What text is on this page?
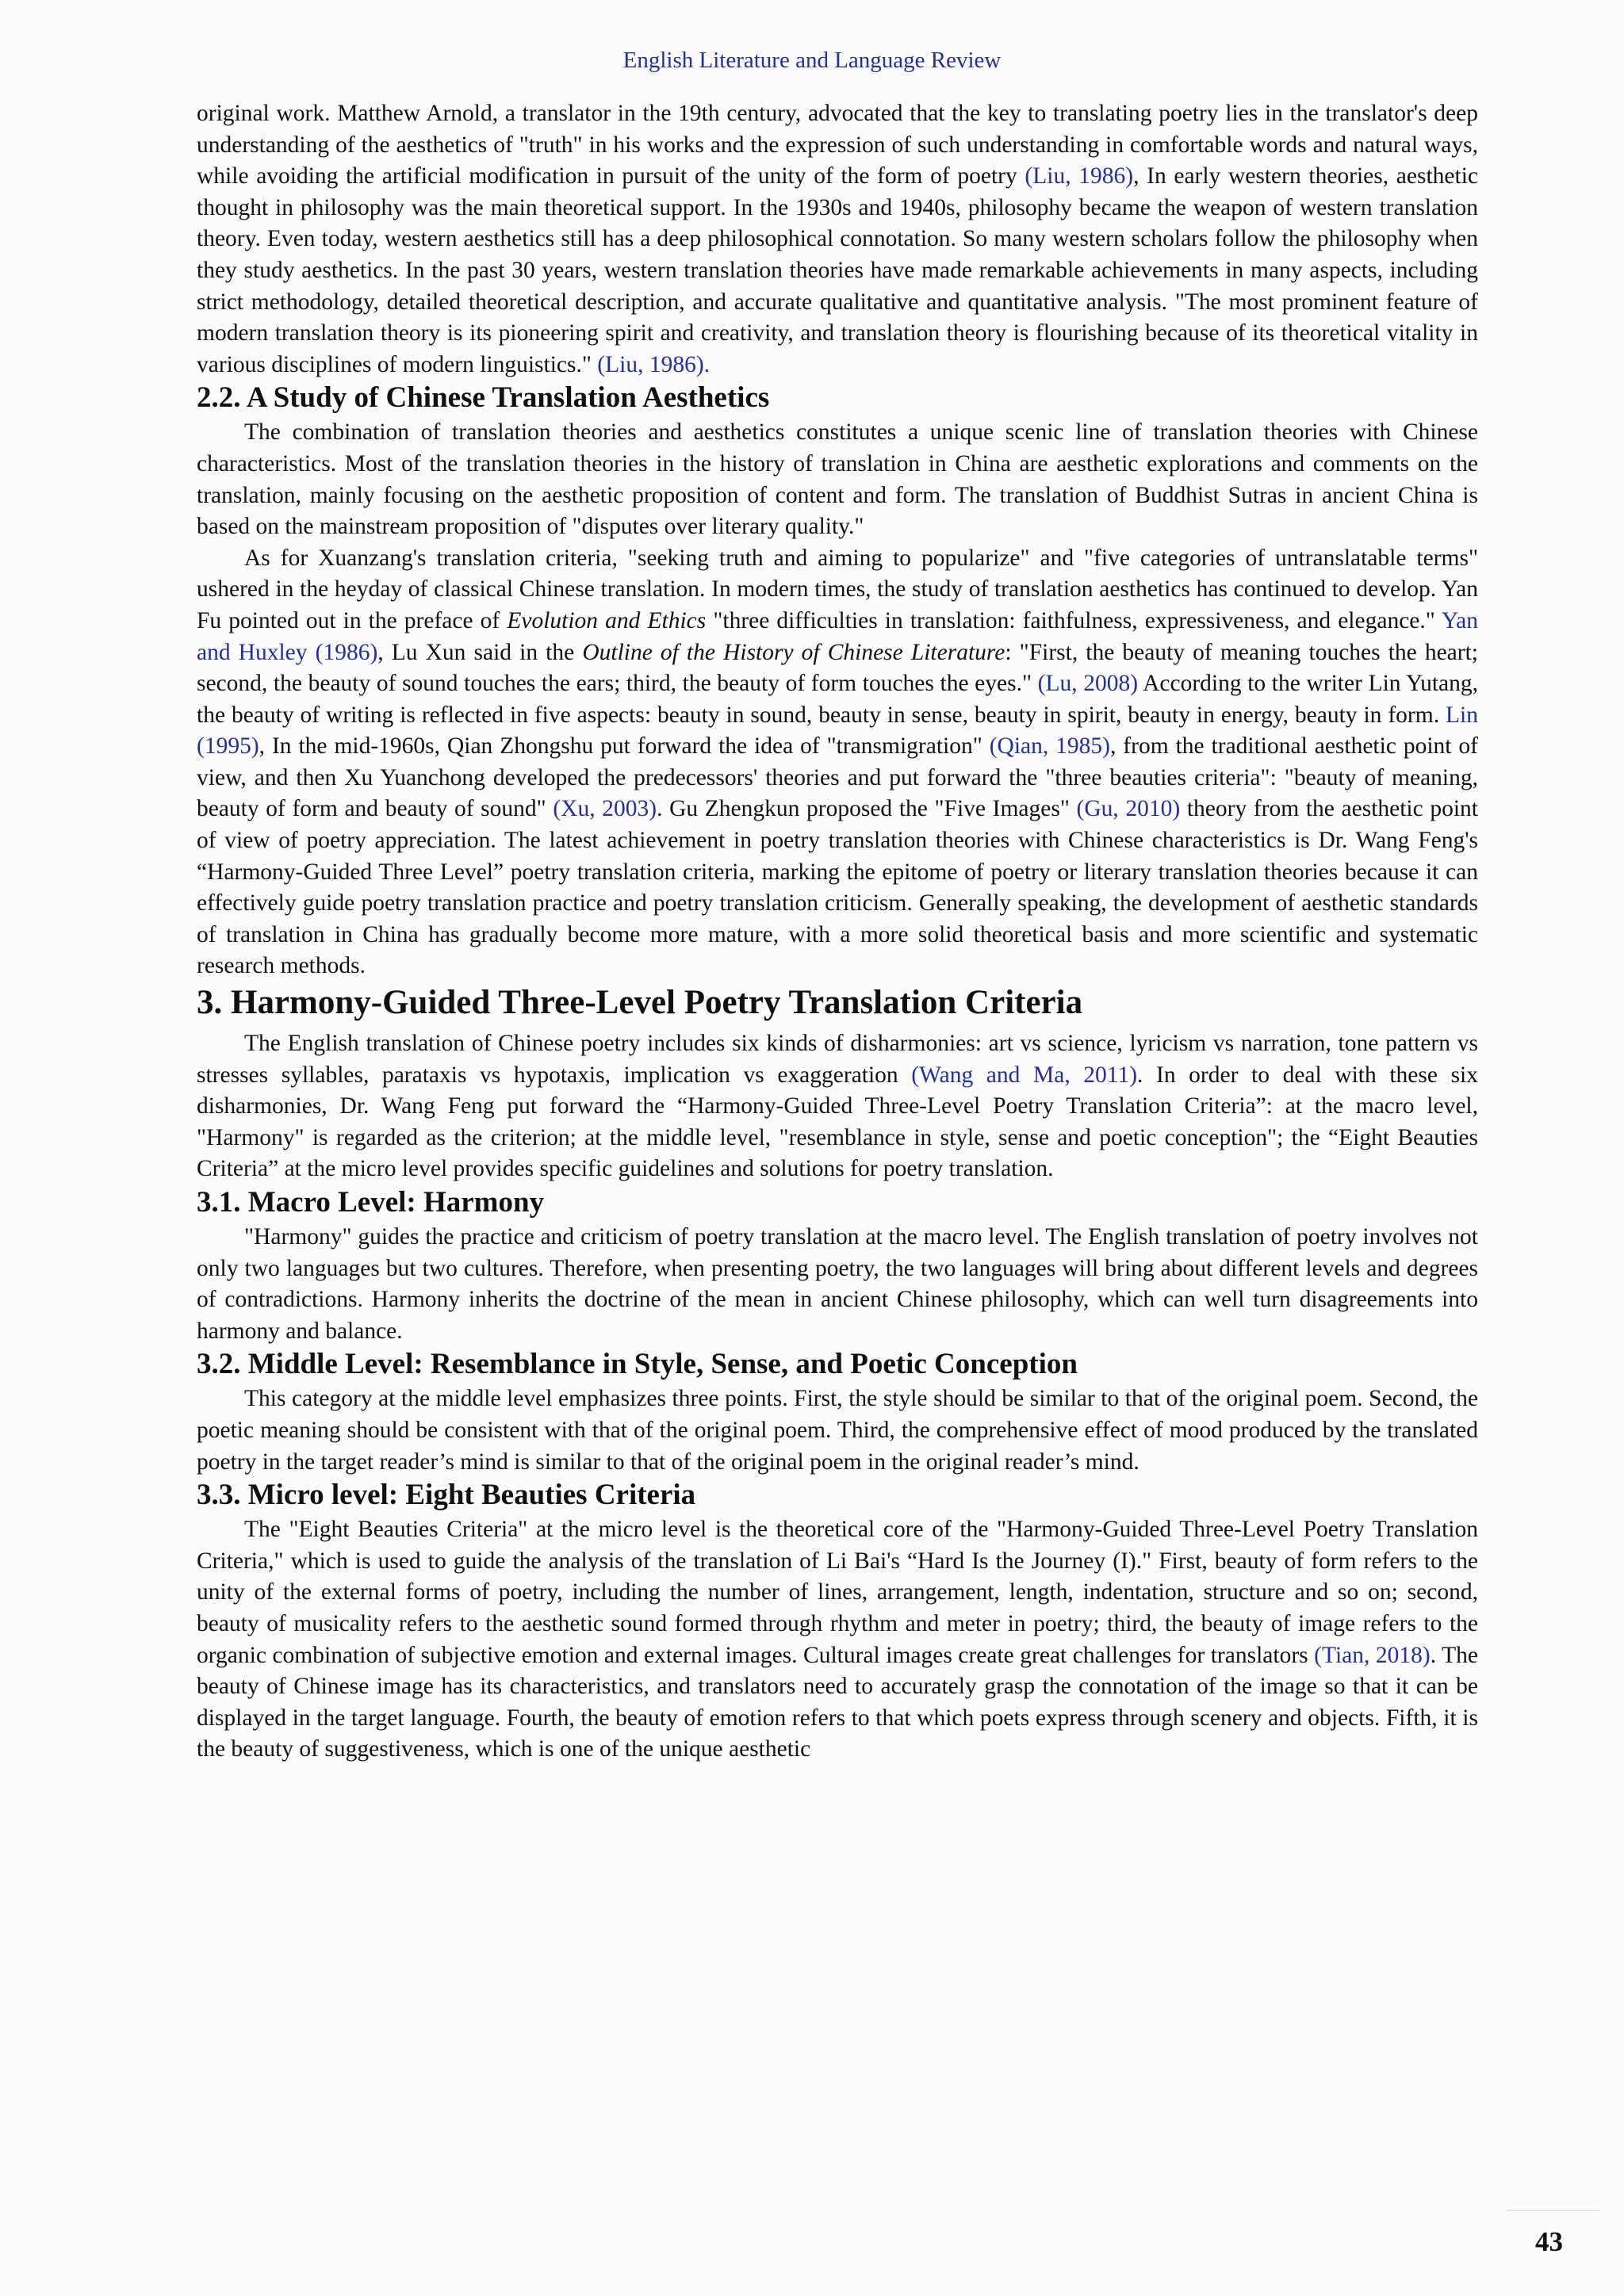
English Literature and Language Review

original work. Matthew Arnold, a translator in the 19th century, advocated that the key to translating poetry lies in the translator's deep understanding of the aesthetics of "truth" in his works and the expression of such understanding in comfortable words and natural ways, while avoiding the artificial modification in pursuit of the unity of the form of poetry (Liu, 1986), In early western theories, aesthetic thought in philosophy was the main theoretical support. In the 1930s and 1940s, philosophy became the weapon of western translation theory. Even today, western aesthetics still has a deep philosophical connotation. So many western scholars follow the philosophy when they study aesthetics. In the past 30 years, western translation theories have made remarkable achievements in many aspects, including strict methodology, detailed theoretical description, and accurate qualitative and quantitative analysis. "The most prominent feature of modern translation theory is its pioneering spirit and creativity, and translation theory is flourishing because of its theoretical vitality in various disciplines of modern linguistics." (Liu, 1986).

2.2. A Study of Chinese Translation Aesthetics

The combination of translation theories and aesthetics constitutes a unique scenic line of translation theories with Chinese characteristics. Most of the translation theories in the history of translation in China are aesthetic explorations and comments on the translation, mainly focusing on the aesthetic proposition of content and form. The translation of Buddhist Sutras in ancient China is based on the mainstream proposition of "disputes over literary quality."

As for Xuanzang's translation criteria, "seeking truth and aiming to popularize" and "five categories of untranslatable terms" ushered in the heyday of classical Chinese translation. In modern times, the study of translation aesthetics has continued to develop. Yan Fu pointed out in the preface of Evolution and Ethics "three difficulties in translation: faithfulness, expressiveness, and elegance." Yan and Huxley (1986), Lu Xun said in the Outline of the History of Chinese Literature: "First, the beauty of meaning touches the heart; second, the beauty of sound touches the ears; third, the beauty of form touches the eyes." (Lu, 2008) According to the writer Lin Yutang, the beauty of writing is reflected in five aspects: beauty in sound, beauty in sense, beauty in spirit, beauty in energy, beauty in form. Lin (1995), In the mid-1960s, Qian Zhongshu put forward the idea of "transmigration" (Qian, 1985), from the traditional aesthetic point of view, and then Xu Yuanchong developed the predecessors' theories and put forward the "three beauties criteria": "beauty of meaning, beauty of form and beauty of sound" (Xu, 2003). Gu Zhengkun proposed the "Five Images" (Gu, 2010) theory from the aesthetic point of view of poetry appreciation. The latest achievement in poetry translation theories with Chinese characteristics is Dr. Wang Feng's “Harmony-Guided Three Level” poetry translation criteria, marking the epitome of poetry or literary translation theories because it can effectively guide poetry translation practice and poetry translation criticism. Generally speaking, the development of aesthetic standards of translation in China has gradually become more mature, with a more solid theoretical basis and more scientific and systematic research methods.

3. Harmony-Guided Three-Level Poetry Translation Criteria

The English translation of Chinese poetry includes six kinds of disharmonies: art vs science, lyricism vs narration, tone pattern vs stresses syllables, parataxis vs hypotaxis, implication vs exaggeration (Wang and Ma, 2011). In order to deal with these six disharmonies, Dr. Wang Feng put forward the “Harmony-Guided Three-Level Poetry Translation Criteria”: at the macro level, "Harmony" is regarded as the criterion; at the middle level, "resemblance in style, sense and poetic conception"; the “Eight Beauties Criteria” at the micro level provides specific guidelines and solutions for poetry translation.

3.1. Macro Level: Harmony

"Harmony" guides the practice and criticism of poetry translation at the macro level. The English translation of poetry involves not only two languages but two cultures. Therefore, when presenting poetry, the two languages will bring about different levels and degrees of contradictions. Harmony inherits the doctrine of the mean in ancient Chinese philosophy, which can well turn disagreements into harmony and balance.

3.2. Middle Level: Resemblance in Style, Sense, and Poetic Conception

This category at the middle level emphasizes three points. First, the style should be similar to that of the original poem. Second, the poetic meaning should be consistent with that of the original poem. Third, the comprehensive effect of mood produced by the translated poetry in the target reader’s mind is similar to that of the original poem in the original reader’s mind.

3.3. Micro level: Eight Beauties Criteria

The "Eight Beauties Criteria" at the micro level is the theoretical core of the "Harmony-Guided Three-Level Poetry Translation Criteria," which is used to guide the analysis of the translation of Li Bai's “Hard Is the Journey (I)." First, beauty of form refers to the unity of the external forms of poetry, including the number of lines, arrangement, length, indentation, structure and so on; second, beauty of musicality refers to the aesthetic sound formed through rhythm and meter in poetry; third, the beauty of image refers to the organic combination of subjective emotion and external images. Cultural images create great challenges for translators (Tian, 2018). The beauty of Chinese image has its characteristics, and translators need to accurately grasp the connotation of the image so that it can be displayed in the target language. Fourth, the beauty of emotion refers to that which poets express through scenery and objects. Fifth, it is the beauty of suggestiveness, which is one of the unique aesthetic

43
